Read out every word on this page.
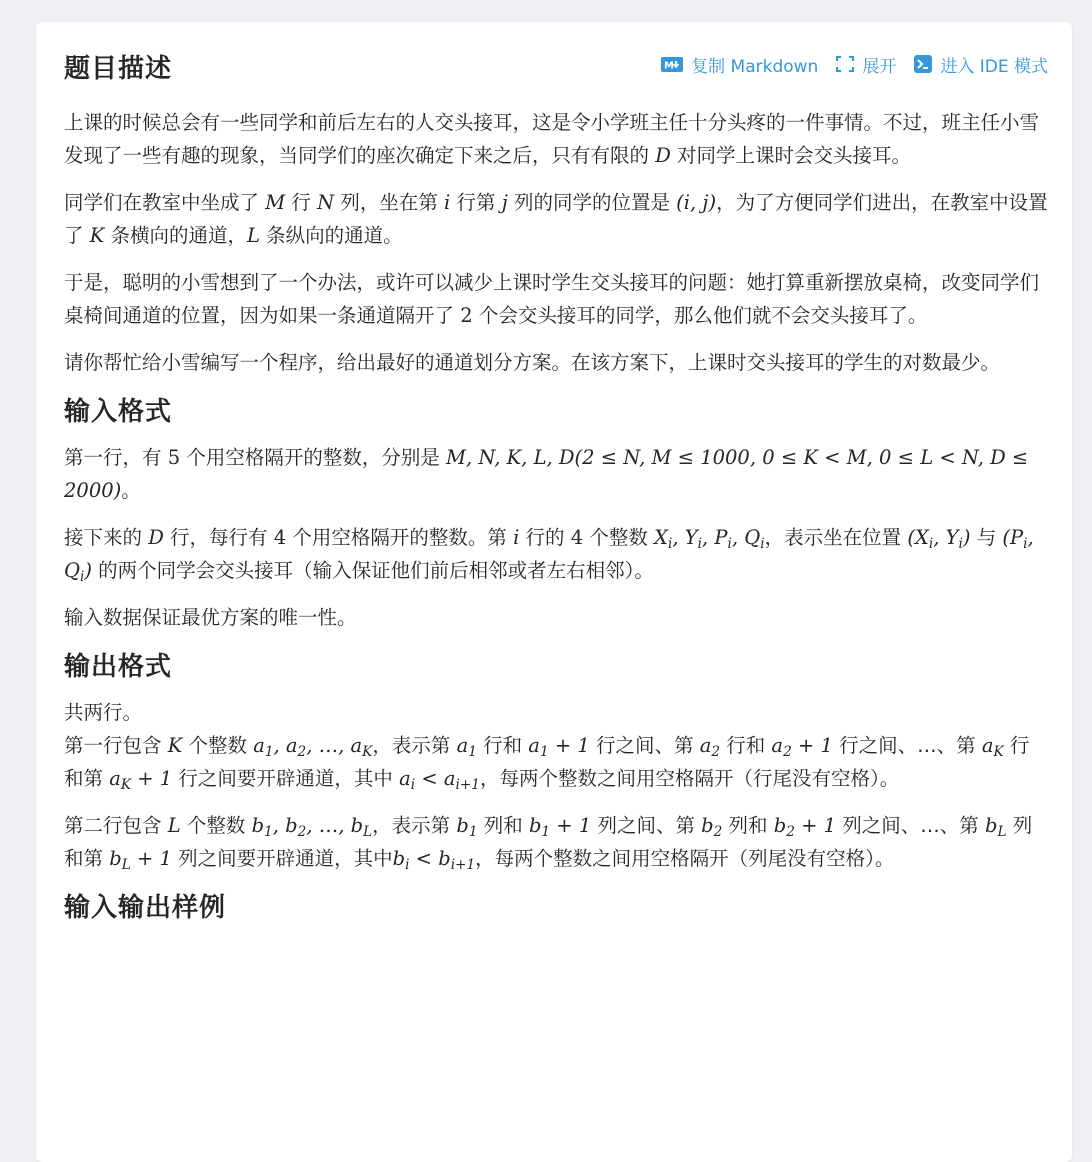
题目描述	M 复制 Markdown	展开	进入 IDE 模式

上课的时候总会有一些同学和前后左右的人交头接耳，这是令小学班主任十分头疼的一件事情。不过，班主任小雪发现了一些有趣的现象，当同学们的座次确定下来之后，只有有限的 D 对同学上课时会交头接耳。

同学们在教室中坐成了 M 行 N 列，坐在第 i 行第 j 列的同学的位置是 (i, j)，为了方便同学们进出，在教室中设置了 K 条横向的通道，L 条纵向的通道。

于是，聪明的小雪想到了一个办法，或许可以减少上课时学生交头接耳的问题：她打算重新摆放桌椅，改变同学们桌椅间通道的位置，因为如果一条通道隔开了 2 个会交头接耳的同学，那么他们就不会交头接耳了。

请你帮忙给小雪编写一个程序，给出最好的通道划分方案。在该方案下，上课时交头接耳的学生的对数最少。

输入格式

第一行，有 5 个用空格隔开的整数，分别是 M, N, K, L, D(2 ≤ N, M ≤ 1000, 0 ≤ K < M, 0 ≤ L < N, D ≤ 2000)。

接下来的 D 行，每行有 4 个用空格隔开的整数。第 i 行的 4 个整数 $X_i$, $Y_i$, $P_i$, $Q_i$，表示坐在位置 ($X_i$, $Y_i$) 与 ($P_i$, $Q_i$) 的两个同学会交头接耳（输入保证他们前后相邻或者左右相邻）。

输入数据保证最优方案的唯一性。

输出格式

共两行。
第一行包含 K 个整数 $a_1$, $a_2$, …, $a_K$，表示第 $a_1$ 行和 $a_1 + 1$ 行之间、第 $a_2$ 行和 $a_2 + 1$ 行之间、…、第 $a_K$ 行和第 $a_K + 1$ 行之间要开辟通道，其中 $a_i < a_{i+1}$，每两个整数之间用空格隔开（行尾没有空格）。

第二行包含 L 个整数 $b_1$, $b_2$, …, $b_L$，表示第 $b_1$ 列和 $b_1 + 1$ 列之间、第 $b_2$ 列和 $b_2 + 1$ 列之间、…、第 $b_L$ 列和第 $b_L + 1$ 列之间要开辟通道，其中$b_i < b_{i+1}$，每两个整数之间用空格隔开（列尾没有空格）。

输入输出样例
